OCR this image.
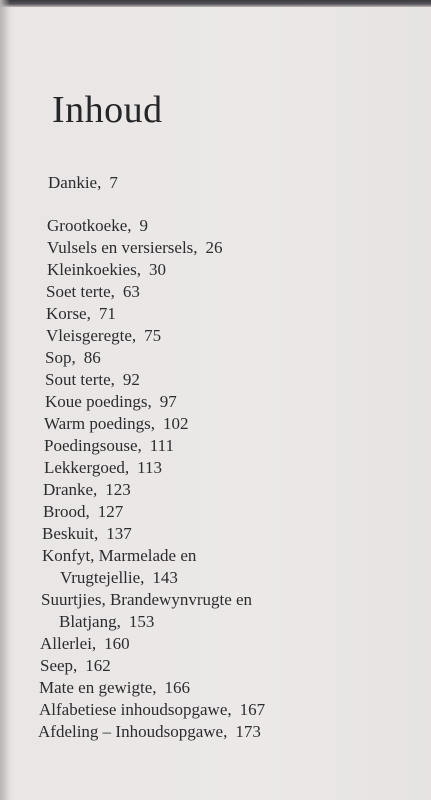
Inhoud
Dankie, 7
Grootkoeke, 9
Vulsels en versiersels, 26
Kleinkoekies, 30
Soet terte, 63
Korse, 71
Vleisgeregte, 75
Sop, 86
Sout terte, 92
Koue poedings, 97
Warm poedings, 102
Poedingsouse, 111
Lekkergoed, 113
Dranke, 123
Brood, 127
Beskuit, 137
Konfyt, Marmelade en
Vrugtejellie, 143
Suurtjies, Brandewynvrugte en
Blatjang, 153
Allerlei, 160
Seep, 162
Mate en gewigte, 166
Alfabetiese inhoudsopgawe, 167
Afdeling – Inhoudsopgawe, 173
